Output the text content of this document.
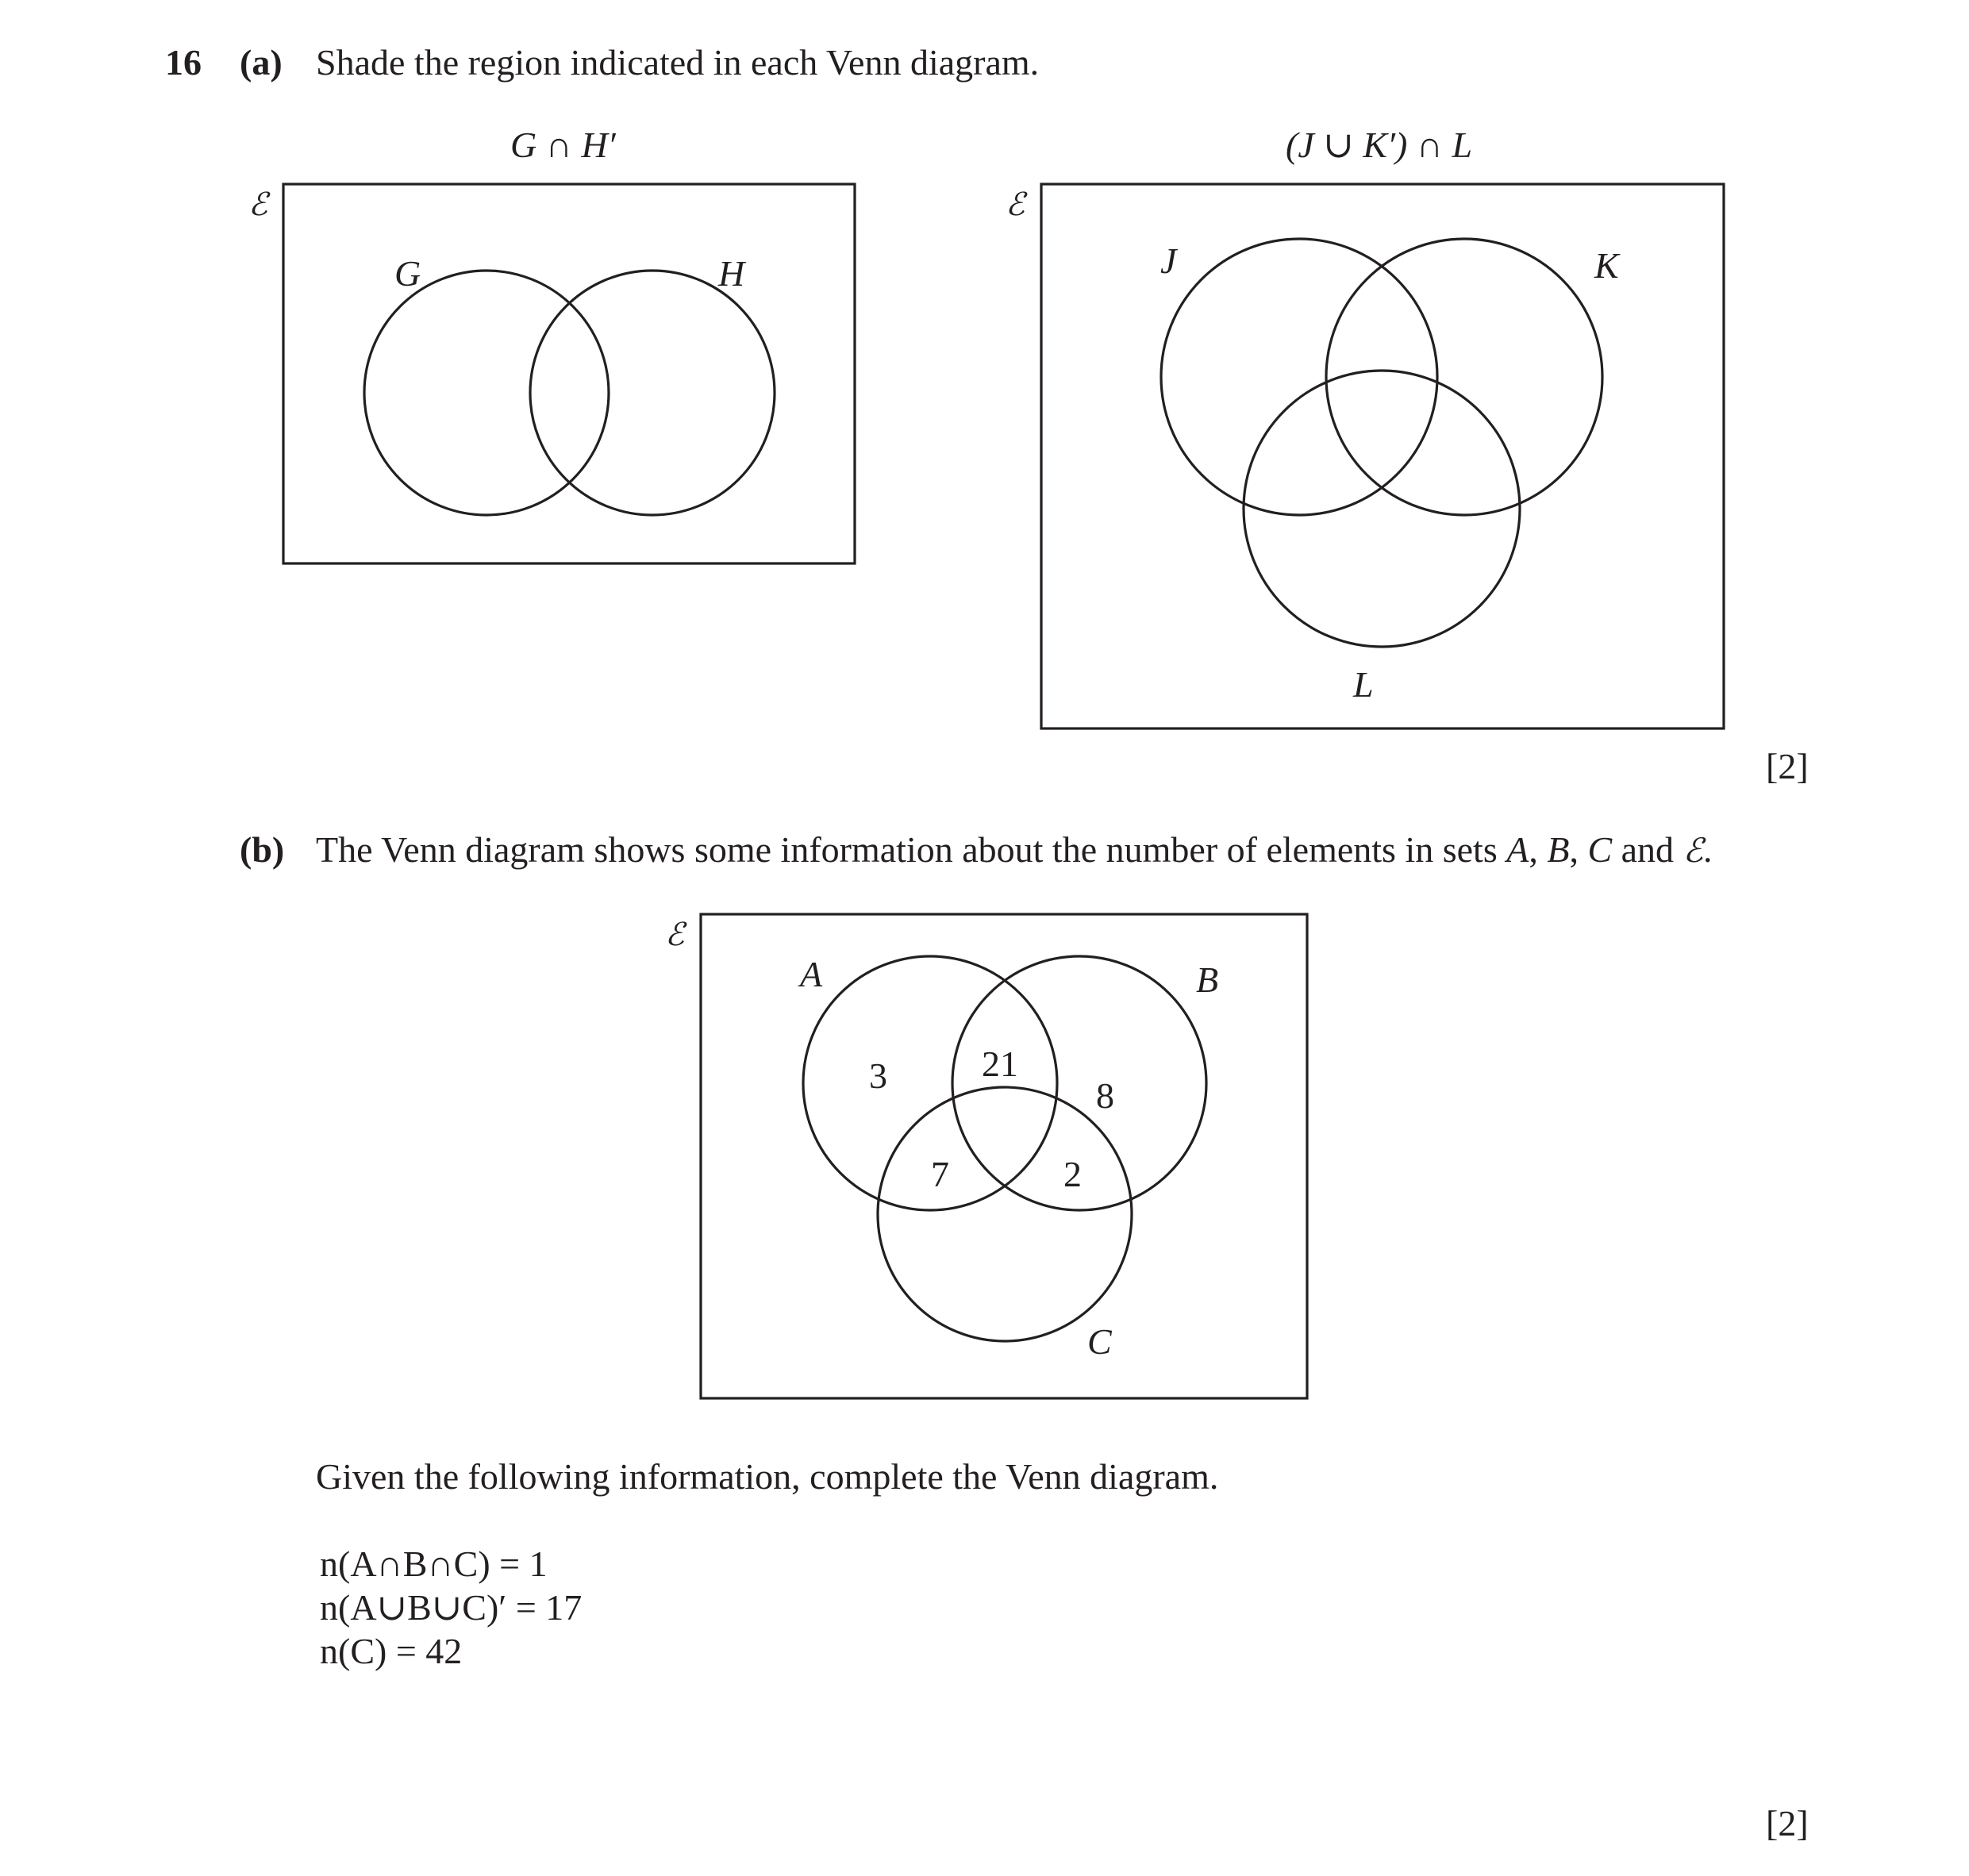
16 (a) Shade the region indicated in each Venn diagram.
G ∩ H′
ℰ
G	H
(J ∪ K′) ∩ L
ℰ
J	K
L
[2]
(b) The Venn diagram shows some information about the number of elements in sets A, B, C and ℰ.
ℰ
A	B
C
3	21
8
7	2
Given the following information, complete the Venn diagram.
n(A∩B∩C) = 1
n(A∪B∪C)′ = 17
n(C) = 42
[2]
